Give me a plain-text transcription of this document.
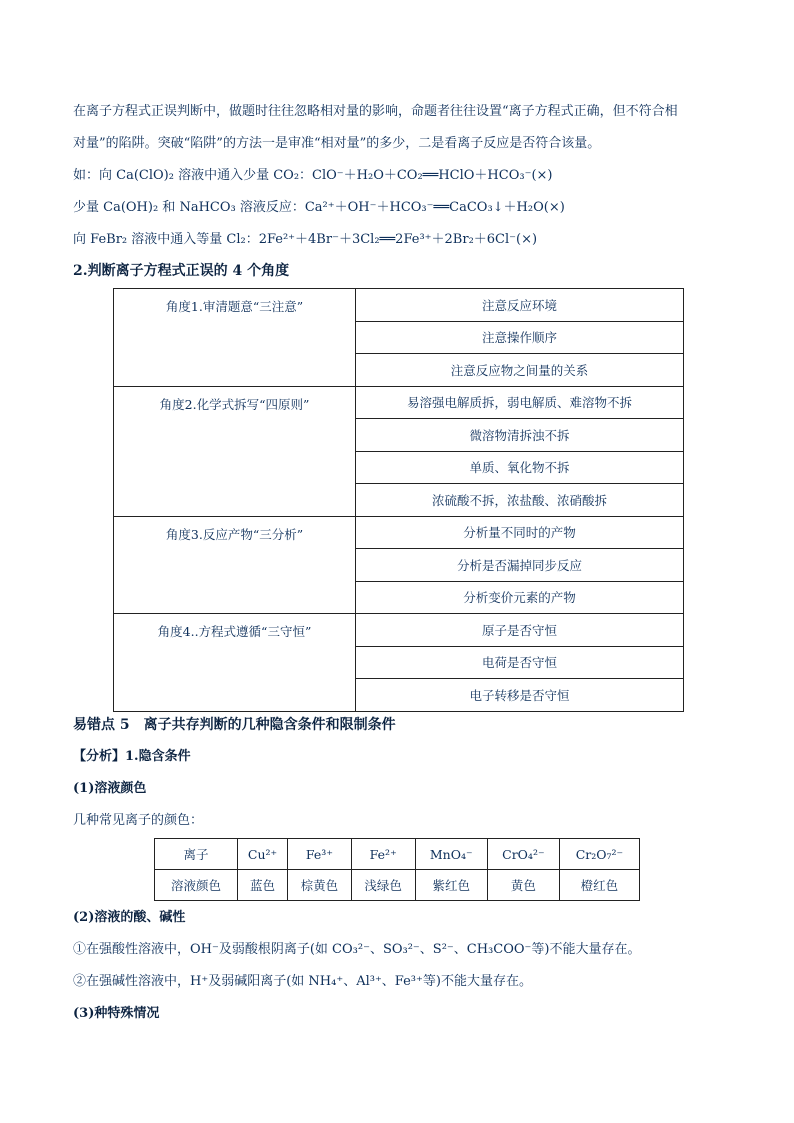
在离子方程式正误判断中，做题时往往忽略相对量的影响，命题者往往设置“离子方程式正确，但不符合相
对量”的陷阱。突破“陷阱”的方法一是审准“相对量”的多少，二是看离子反应是否符合该量。
如：向 Ca(ClO)₂ 溶液中通入少量 CO₂：ClO⁻＋H₂O＋CO₂══HClO＋HCO₃⁻(×)
少量 Ca(OH)₂ 和 NaHCO₃ 溶液反应：Ca²⁺＋OH⁻＋HCO₃⁻══CaCO₃↓＋H₂O(×)
向 FeBr₂ 溶液中通入等量 Cl₂：2Fe²⁺＋4Br⁻＋3Cl₂══2Fe³⁺＋2Br₂＋6Cl⁻(×)
2.判断离子方程式正误的 4 个角度
角度1.审清题意“三注意”	注意反应环境
	注意操作顺序
	注意反应物之间量的关系
角度2.化学式拆写“四原则”	易溶强电解质拆，弱电解质、难溶物不拆
	微溶物清拆浊不拆
	单质、氧化物不拆
	浓硫酸不拆，浓盐酸、浓硝酸拆
角度3.反应产物“三分析”	分析量不同时的产物
	分析是否漏掉同步反应
	分析变价元素的产物
角度4..方程式遵循“三守恒”	原子是否守恒
	电荷是否守恒
	电子转移是否守恒
易错点 5　离子共存判断的几种隐含条件和限制条件
【分析】1.隐含条件
(1)溶液颜色
几种常见离子的颜色：
离子	Cu²⁺	Fe³⁺	Fe²⁺	MnO₄⁻	CrO₄²⁻	Cr₂O₇²⁻
溶液颜色	蓝色	棕黄色	浅绿色	紫红色	黄色	橙红色
(2)溶液的酸、碱性
①在强酸性溶液中，OH⁻及弱酸根阴离子(如 CO₃²⁻、SO₃²⁻、S²⁻、CH₃COO⁻等)不能大量存在。
②在强碱性溶液中，H⁺及弱碱阳离子(如 NH₄⁺、Al³⁺、Fe³⁺等)不能大量存在。
(3)种特殊情况
